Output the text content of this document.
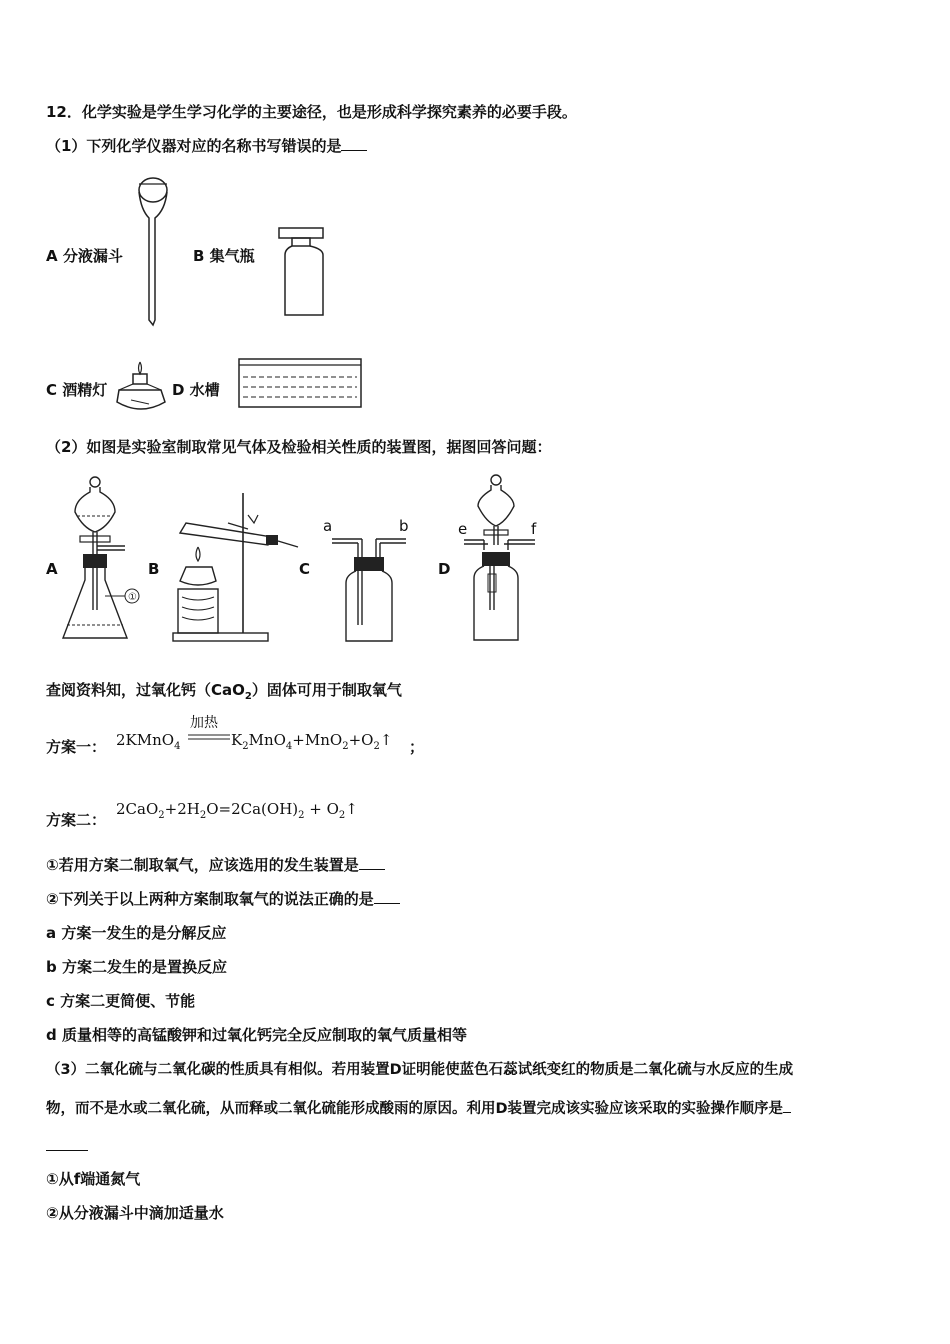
12．化学实验是学生学习化学的主要途径，也是形成科学探究素养的必要手段。
（1）下列化学仪器对应的名称书写错误的是
A 分液漏斗	B 集气瓶
C 酒精灯	D 水槽
（2）如图是实验室制取常见气体及检验相关性质的装置图，据图回答问题：
A
①
B	C
a	b
D
e	f
查阅资料知，过氧化钙（CaO$_2$）固体可用于制取氧气
方案一： 2KMnO$_4$
加热
$K_2MnO_4+MnO_2+O_2↑$ ；
方案二：
$2CaO_2+2H_2O=2Ca(OH)_2$ + $O_2↑$
①若用方案二制取氧气，应该选用的发生装置是
②下列关于以上两种方案制取氧气的说法正确的是
a 方案一发生的是分解反应
b 方案二发生的是置换反应
c 方案二更简便、节能
d 质量相等的高锰酸钾和过氧化钙完全反应制取的氧气质量相等
（3）二氧化硫与二氧化碳的性质具有相似。若用装置D证明能使蓝色石蕊试纸变红的物质是二氧化硫与水反应的生成
物，而不是水或二氧化硫，从而释或二氧化硫能形成酸雨的原因。利用D装置完成该实验应该采取的实验操作顺序是
①从f端通氮气
②从分液漏斗中滴加适量水
